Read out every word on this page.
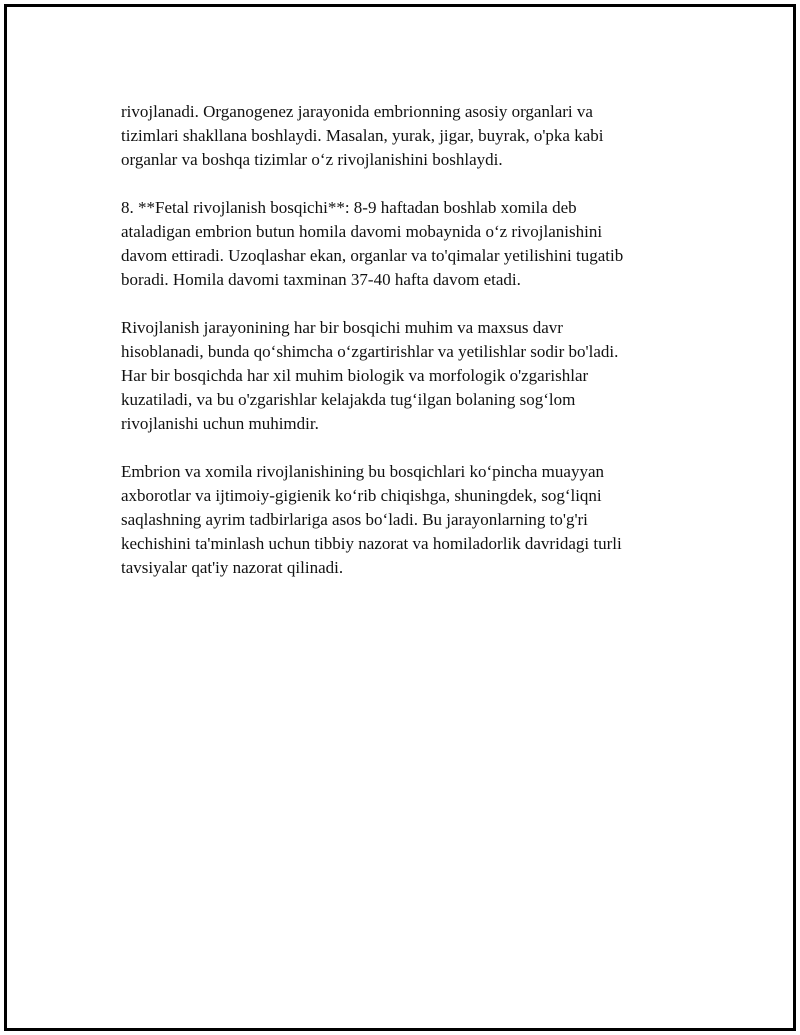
rivojlanadi. Organogenez jarayonida embrionning asosiy organlari va
tizimlari shakllana boshlaydi. Masalan, yurak, jigar, buyrak, o'pka kabi
organlar va boshqa tizimlar o‘z rivojlanishini boshlaydi.

8. **Fetal rivojlanish bosqichi**: 8-9 haftadan boshlab xomila deb
ataladigan embrion butun homila davomi mobaynida o‘z rivojlanishini
davom ettiradi. Uzoqlashar ekan, organlar va to'qimalar yetilishini tugatib
boradi. Homila davomi taxminan 37-40 hafta davom etadi.

Rivojlanish jarayonining har bir bosqichi muhim va maxsus davr
hisoblanadi, bunda qo‘shimcha o‘zgartirishlar va yetilishlar sodir bo'ladi.
Har bir bosqichda har xil muhim biologik va morfologik o'zgarishlar
kuzatiladi, va bu o'zgarishlar kelajakda tug‘ilgan bolaning sog‘lom
rivojlanishi uchun muhimdir.

Embrion va xomila rivojlanishining bu bosqichlari ko‘pincha muayyan
axborotlar va ijtimoiy-gigienik ko‘rib chiqishga, shuningdek, sog‘liqni
saqlashning ayrim tadbirlariga asos bo‘ladi. Bu jarayonlarning to'g'ri
kechishini ta'minlash uchun tibbiy nazorat va homiladorlik davridagi turli
tavsiyalar qat'iy nazorat qilinadi.
